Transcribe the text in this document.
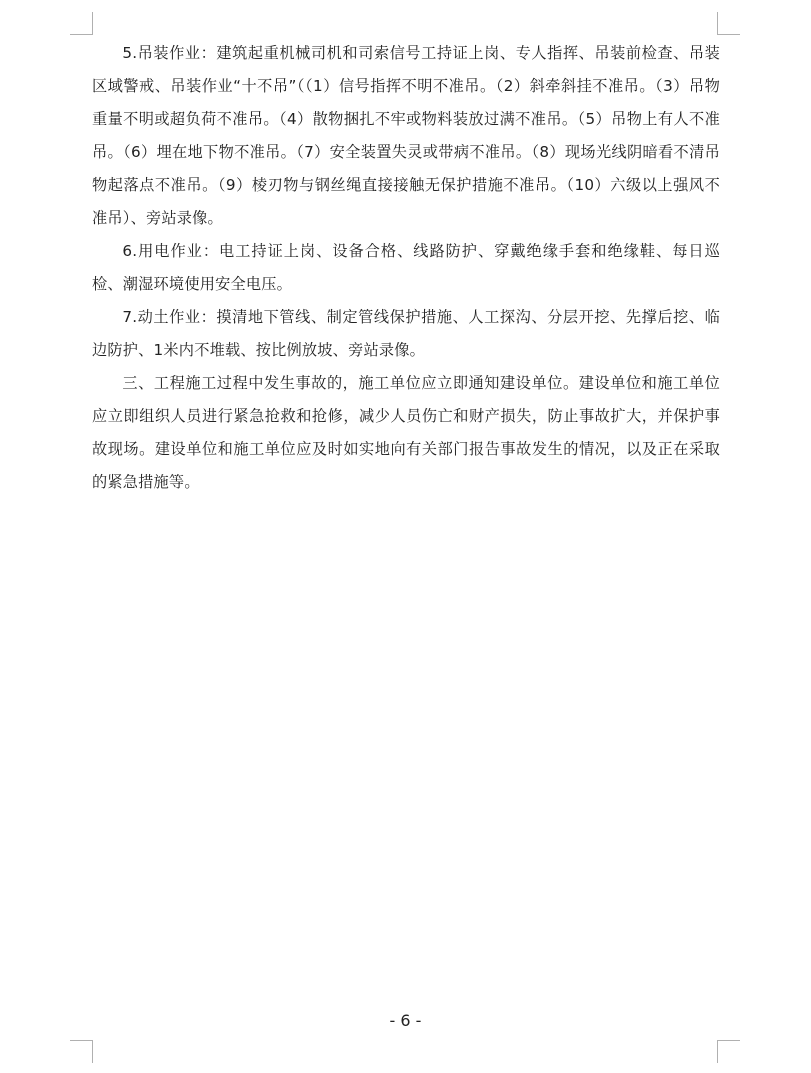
5.吊装作业：建筑起重机械司机和司索信号工持证上岗、专人指挥、吊装前检查、吊装区域警戒、吊装作业“十不吊”（（1）信号指挥不明不准吊。（2）斜牵斜挂不准吊。（3）吊物重量不明或超负荷不准吊。（4）散物捆扎不牢或物料装放过满不准吊。（5）吊物上有人不准吊。（6）埋在地下物不准吊。（7）安全装置失灵或带病不准吊。（8）现场光线阴暗看不清吊物起落点不准吊。（9）棱刃物与钢丝绳直接接触无保护措施不准吊。（10）六级以上强风不准吊）、旁站录像。

6.用电作业：电工持证上岗、设备合格、线路防护、穿戴绝缘手套和绝缘鞋、每日巡检、潮湿环境使用安全电压。

7.动土作业：摸清地下管线、制定管线保护措施、人工探沟、分层开挖、先撑后挖、临边防护、1米内不堆载、按比例放坡、旁站录像。

三、工程施工过程中发生事故的，施工单位应立即通知建设单位。建设单位和施工单位应立即组织人员进行紧急抢救和抢修，减少人员伤亡和财产损失，防止事故扩大，并保护事故现场。建设单位和施工单位应及时如实地向有关部门报告事故发生的情况，以及正在采取的紧急措施等。

- 6 -
